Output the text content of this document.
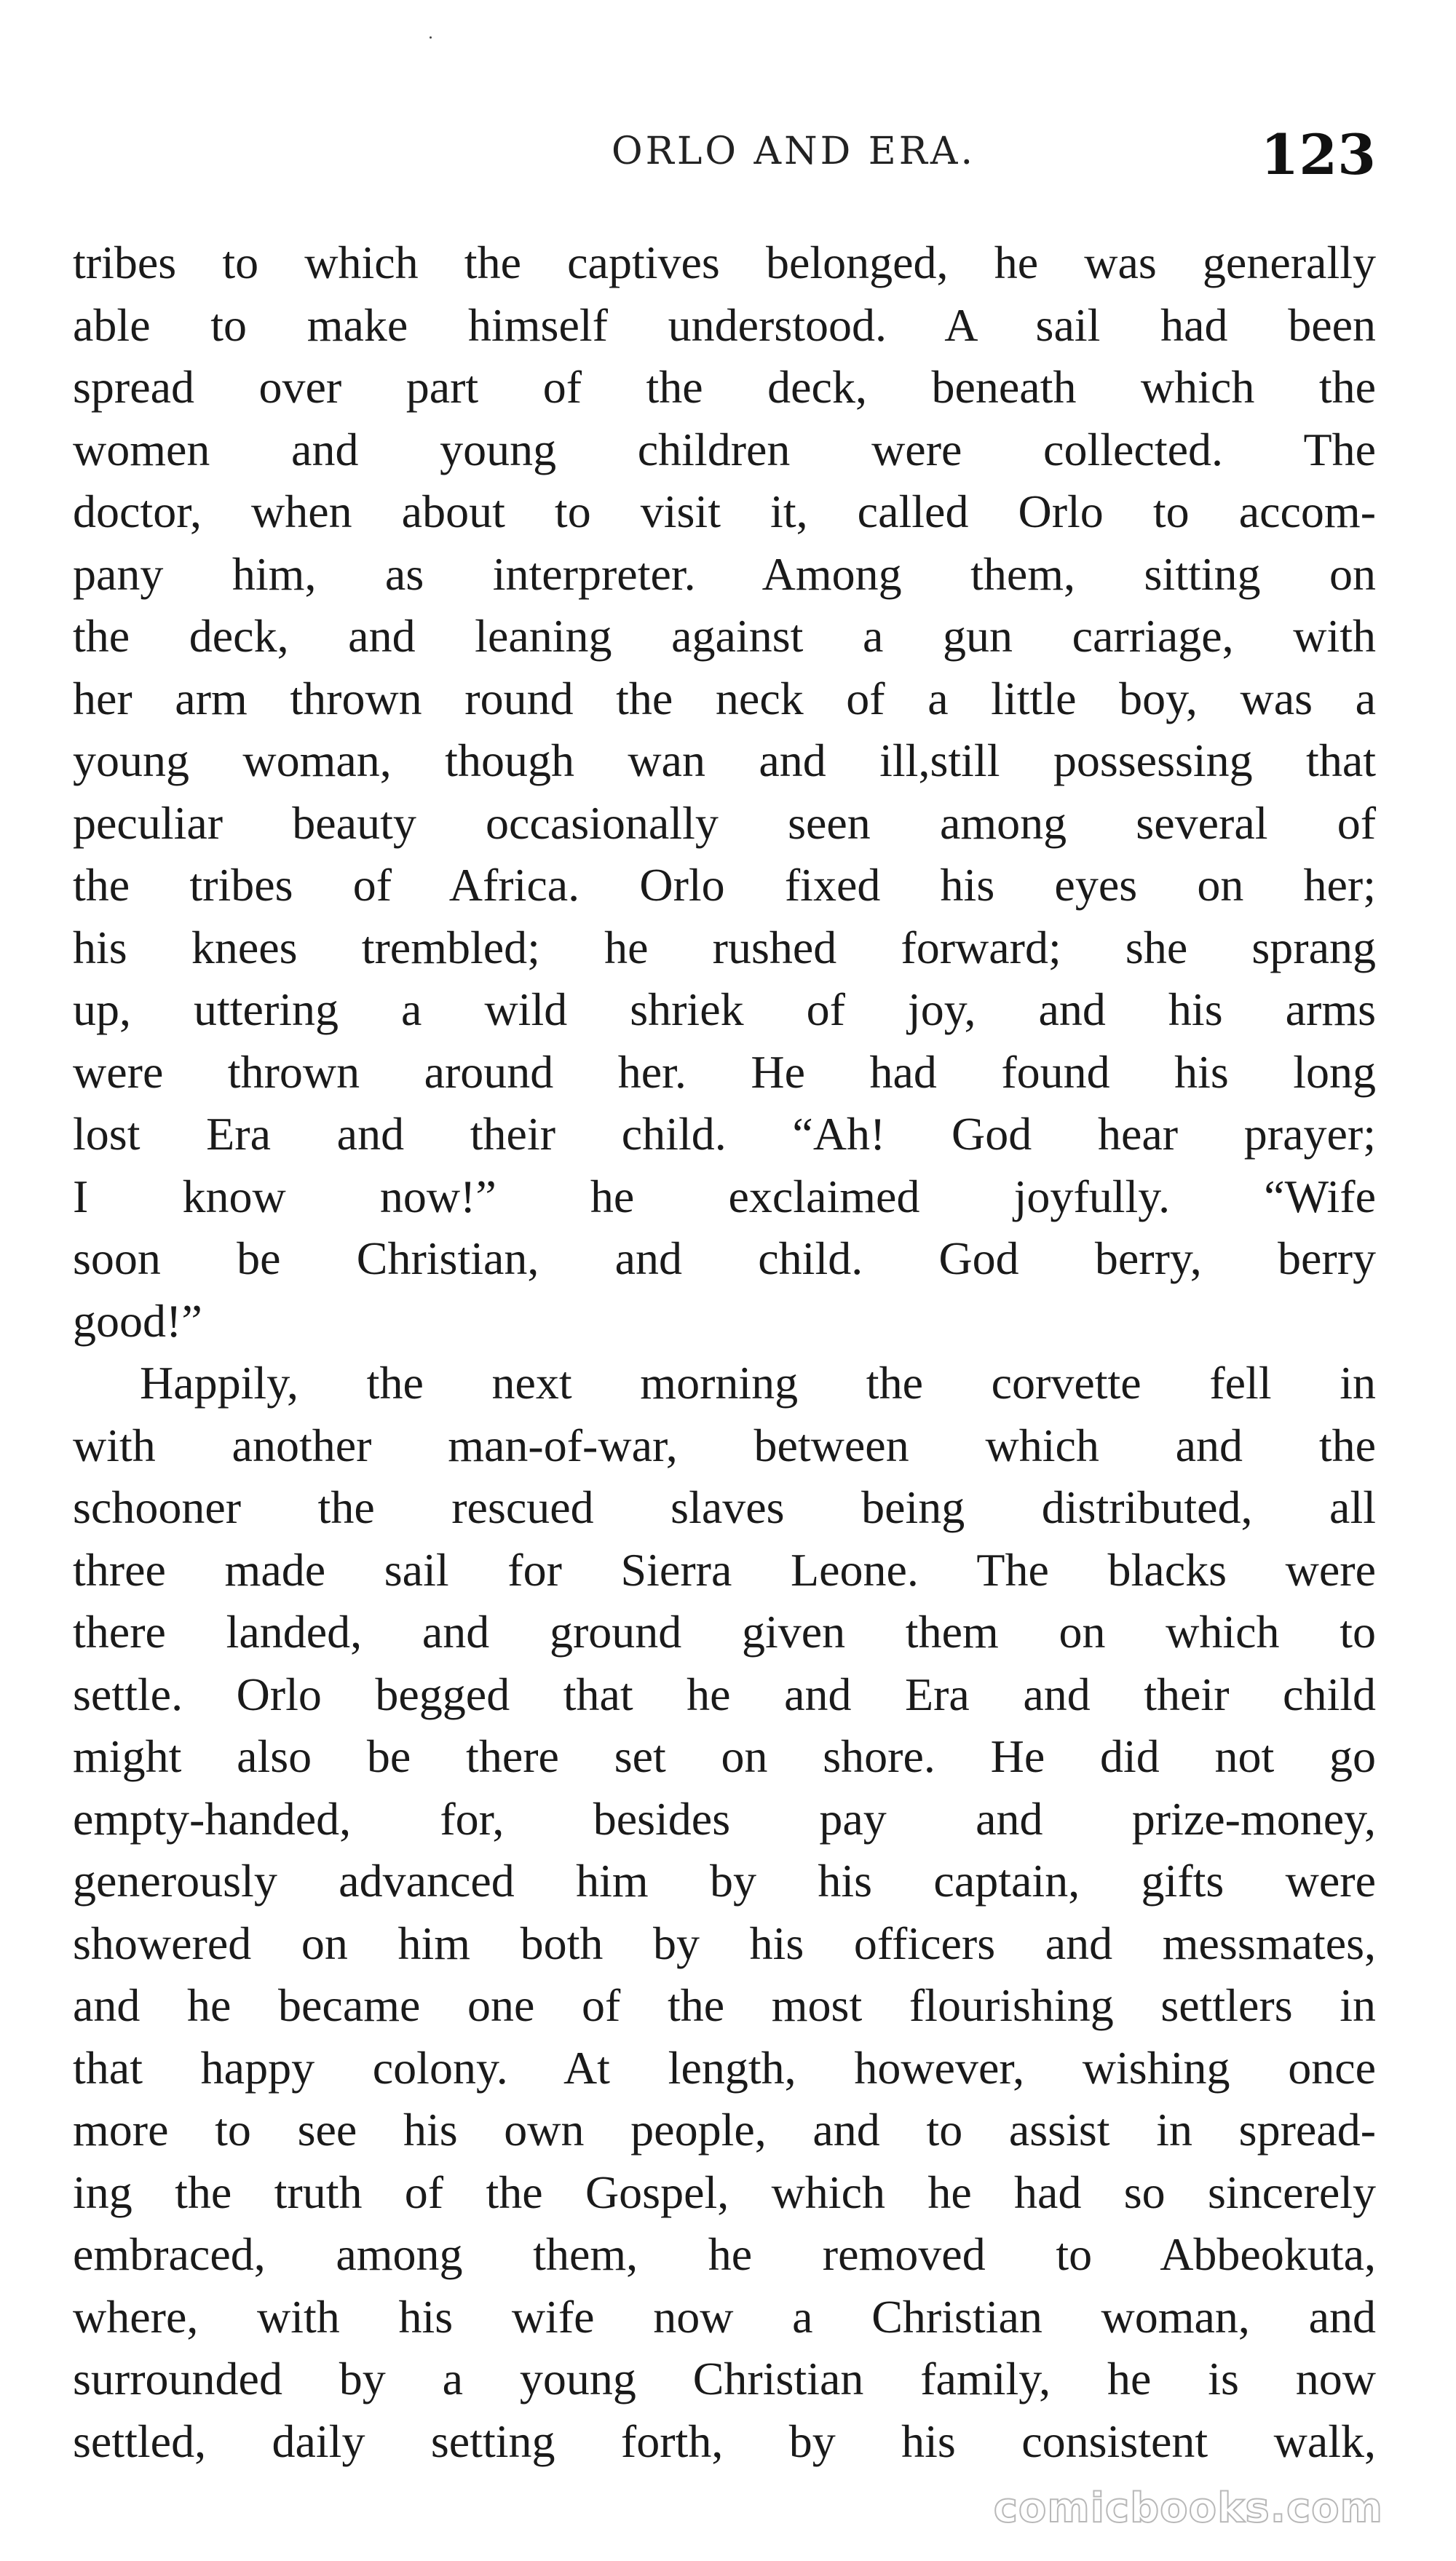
ORLO AND ERA.	123
tribes to which the captives belonged, he was generally
able to make himself understood. A sail had been
spread over part of the deck, beneath which the
women and young children were collected. The
doctor, when about to visit it, called Orlo to accom-
pany him, as interpreter. Among them, sitting on
the deck, and leaning against a gun carriage, with
her arm thrown round the neck of a little boy, was a
young woman, though wan and ill,still possessing that
peculiar beauty occasionally seen among several of
the tribes of Africa. Orlo fixed his eyes on her;
his knees trembled; he rushed forward; she sprang
up, uttering a wild shriek of joy, and his arms
were thrown around her. He had found his long
lost Era and their child. “Ah! God hear prayer;
I know now!” he exclaimed joyfully. “Wife
soon be Christian, and child. God berry, berry
good!”
Happily, the next morning the corvette fell in
with another man-of-war, between which and the
schooner the rescued slaves being distributed, all
three made sail for Sierra Leone. The blacks were
there landed, and ground given them on which to
settle. Orlo begged that he and Era and their child
might also be there set on shore. He did not go
empty-handed, for, besides pay and prize-money,
generously advanced him by his captain, gifts were
showered on him both by his officers and messmates,
and he became one of the most flourishing settlers in
that happy colony. At length, however, wishing once
more to see his own people, and to assist in spread-
ing the truth of the Gospel, which he had so sincerely
embraced, among them, he removed to Abbeokuta,
where, with his wife now a Christian woman, and
surrounded by a young Christian family, he is now
settled, daily setting forth, by his consistent walk,
comicbooks.com
